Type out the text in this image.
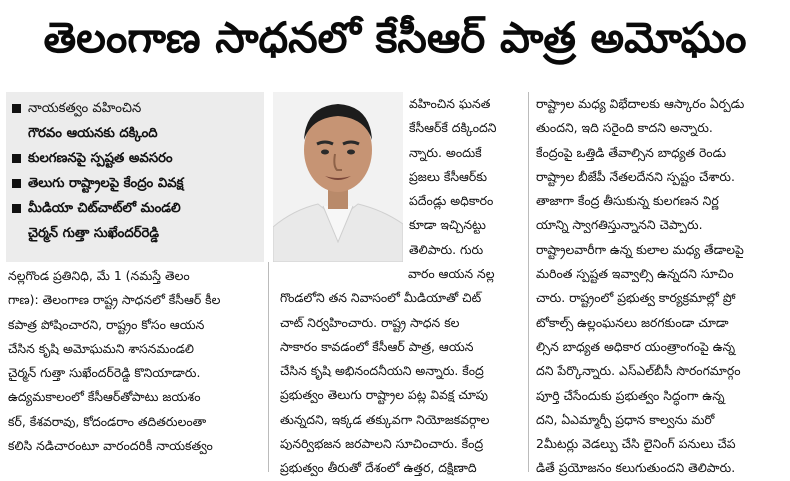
తెలంగాణ సాధనలో కేసీఆర్ పాత్ర అమోఘం
నాయకత్వం వహించిన
గౌరవం ఆయనకు దక్కింది
కులగణనపై స్పష్టత అవసరం
తెలుగు రాష్ట్రాలపై కేంద్రం వివక్ష
మీడియా చిట్‌చాట్‌లో మండలి
చైర్మన్ గుత్తా సుఖేందర్‌రెడ్డి
నల్లగొండ ప్రతినిధి, మే 1 (నమస్తే తెలం
గాణ): తెలంగాణ రాష్ట్ర సాధనలో కేసీఆర్ కీల
కపాత్ర పోషించారని, రాష్ట్రం కోసం ఆయన
చేసిన కృషి అమోఘమని శాసనమండలి
చైర్మన్ గుత్తా సుఖేందర్‌రెడ్డి కొనియాడారు.
ఉద్యమకాలంలో కేసీఆర్‌తోపాటు జయశం
కర్, కేశవరావు, కోదండరాం తదితరులంతా
కలిసి నడిచారంటూ వారందరికీ నాయకత్వం
వహించిన ఘనత
కేసీఆర్‌కే దక్కిందని
న్నారు. అందుకే
ప్రజలు కేసీఆర్‌కు
పదేండ్లు అధికారం
కూడా ఇచ్చినట్టు
తెలిపారు. గురు
వారం ఆయన నల్ల
గొండలోని తన నివాసంలో మీడియాతో చిట్
చాట్ నిర్వహించారు. రాష్ట్ర సాధన కల
సాకారం కావడంలో కేసీఆర్ పాత్ర, ఆయన
చేసిన కృషి అభినందనీయని అన్నారు. కేంద్ర
ప్రభుత్వం తెలుగు రాష్ట్రాల పట్ల వివక్ష చూపు
తున్నదని, ఇక్కడ తక్కువగా నియోజకవర్గాల
పునర్విభజన జరపాలని సూచించారు. కేంద్ర
ప్రభుత్వం తీరుతో దేశంలో ఉత్తర, దక్షిణాది
రాష్ట్రాల మధ్య విభేదాలకు ఆస్కారం ఏర్పడు
తుందని, ఇది సరైంది కాదని అన్నారు.
కేంద్రంపై ఒత్తిడి తేవాల్సిన బాధ్యత రెండు
రాష్ట్రాల బీజేపీ నేతలదేనని స్పష్టం చేశారు.
తాజాగా కేంద్ర తీసుకున్న కులగణన నిర్ణ
యాన్ని స్వాగతిస్తున్నానని చెప్పారు.
రాష్ట్రాలవారీగా ఉన్న కులాల మధ్య తేడాలపై
మరింత స్పష్టత ఇవ్వాల్సి ఉన్నదని సూచిం
చారు. రాష్ట్రంలో ప్రభుత్వ కార్యక్రమాల్లో ప్రో
టోకాల్స్ ఉల్లంఘనలు జరగకుండా చూడా
ల్సిన బాధ్యత అధికార యంత్రాంగంపై ఉన్న
దని పేర్కొన్నారు. ఎస్‌ఎల్‌బీసీ సొరంగమార్గం
పూర్తి చేసేందుకు ప్రభుత్వం సిద్ధంగా ఉన్న
దని, ఏఎమ్మార్పీ ప్రధాన కాల్వను మరో
2మీటర్లు వెడల్పు చేసి లైనింగ్ పనులు చేప
డితే ప్రయోజనం కలుగుతుందని తెలిపారు.
